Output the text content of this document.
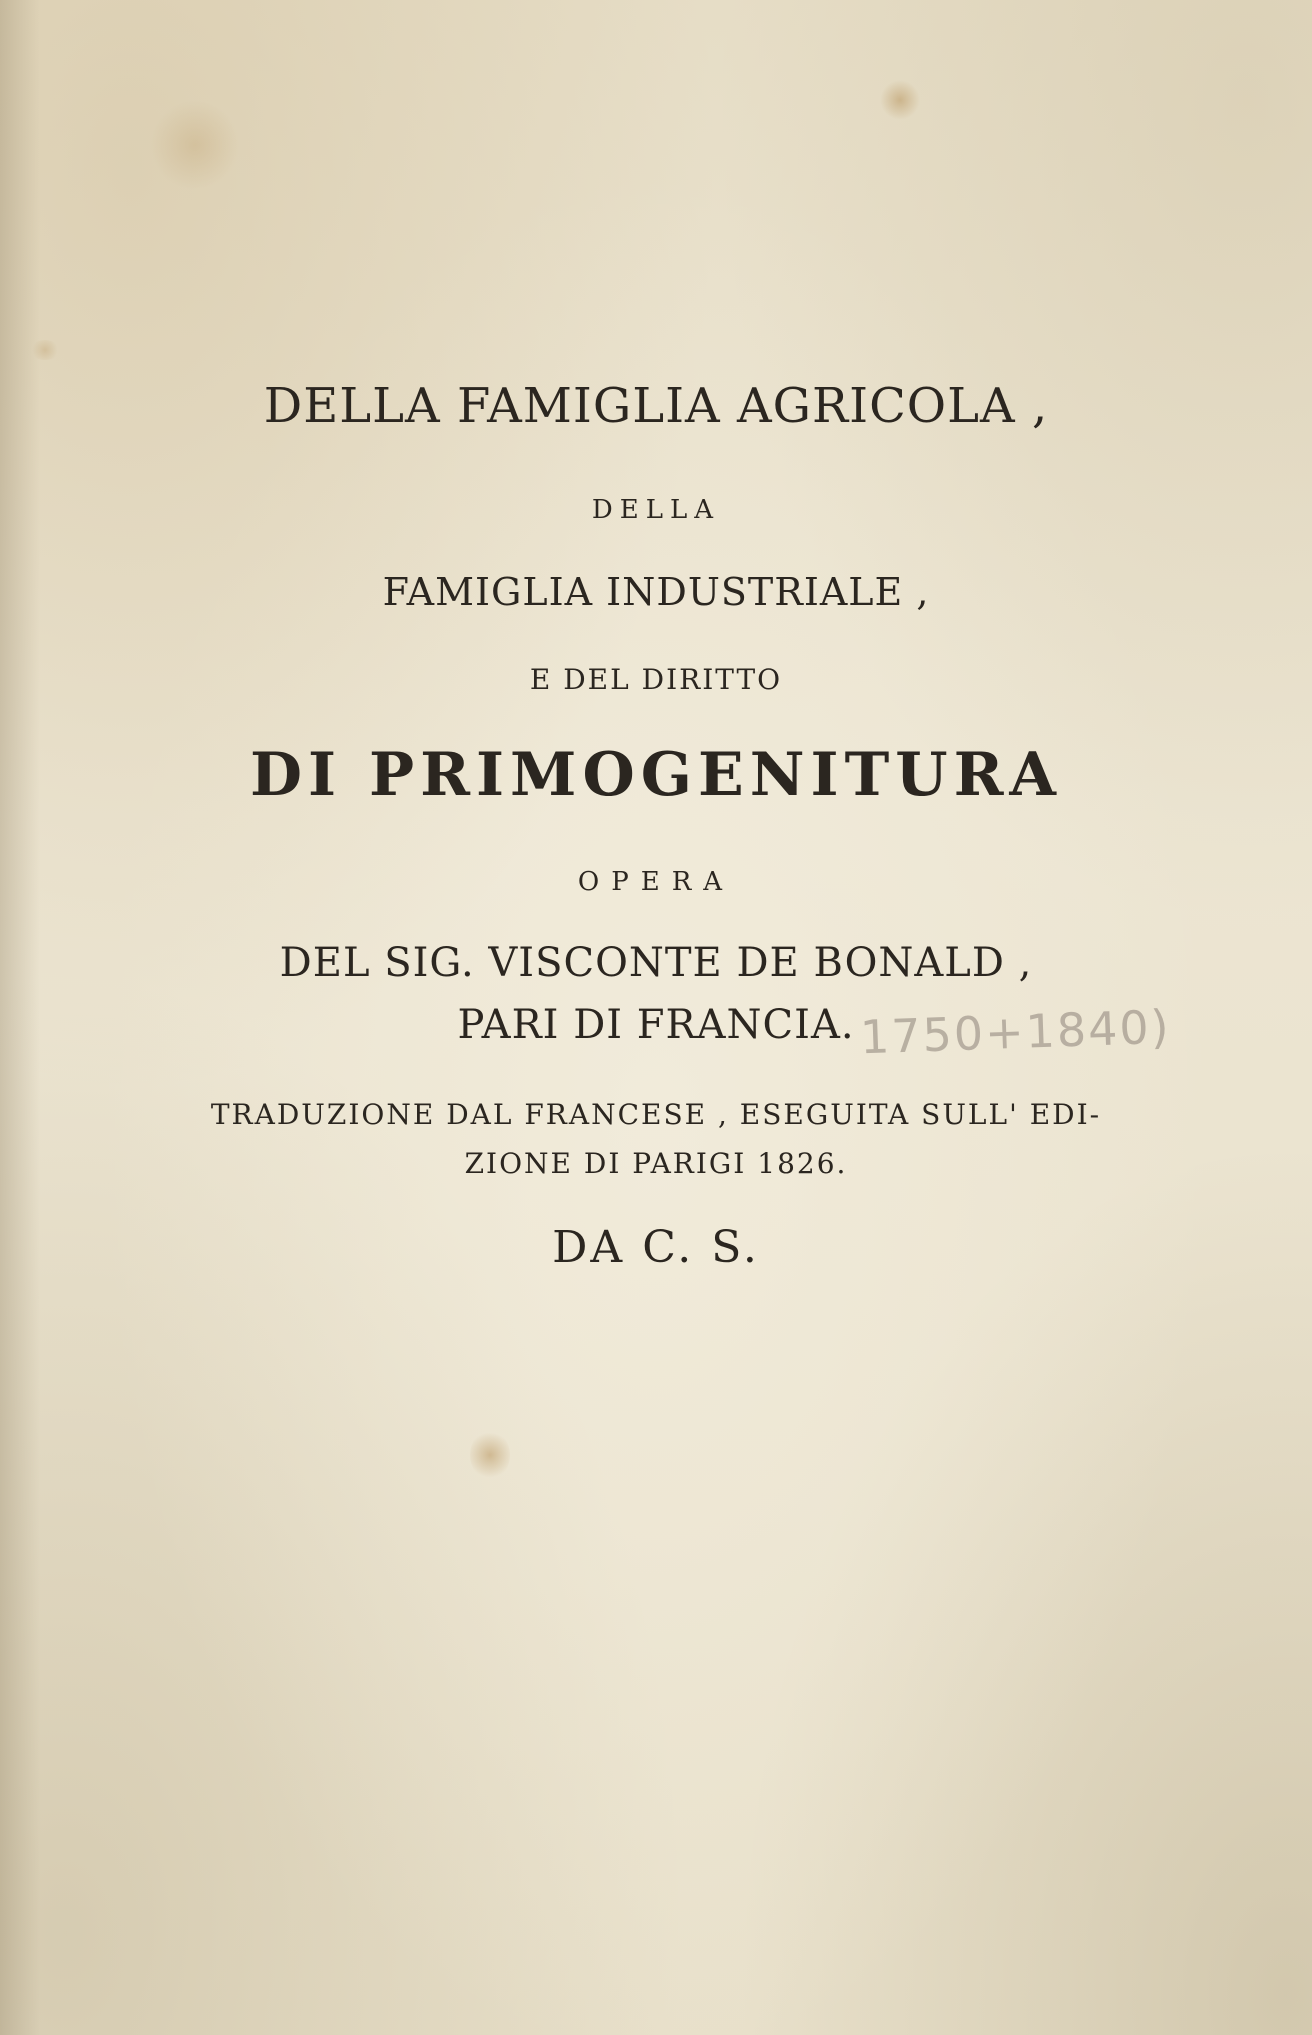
DELLA FAMIGLIA AGRICOLA ,
DELLA
FAMIGLIA INDUSTRIALE ,
E DEL DIRITTO
DI PRIMOGENITURA
OPERA
DEL SIG. VISCONTE DE BONALD ,
PARI DI FRANCIA.
TRADUZIONE DAL FRANCESE , ESEGUITA SULL' EDI-
ZIONE DI PARIGI 1826.
DA C. S.
1750+1840)
